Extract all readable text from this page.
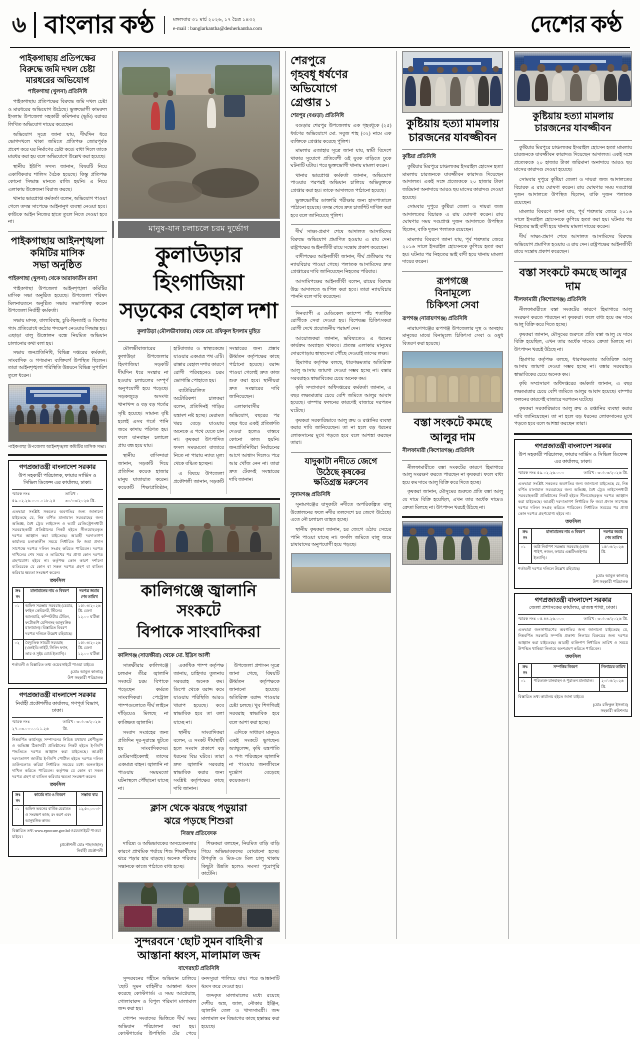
৬ বাংলার কণ্ঠ	মঙ্গলবার ৩১ মার্চ ২০২৬, ১৭ চৈত্র ১৪৩২
e-mail : banglarkantha@desherkantha.com	দেশের কণ্ঠ
পাইকগাছায় প্রতিপক্ষের বিরুদ্ধে জমি দখল চেষ্টা মারধরের অভিযোগ
পাইকগাছা (খুলনা) প্রতিনিধি

পাইকগাছায় প্রতিপক্ষের বিরুদ্ধে জমি দখল চেষ্টা ও মারধরের অভিযোগ উঠেছে। ভুক্তভোগী কামরুল ইসলাম উপজেলা সহকারী কমিশনার (ভূমি) বরাবর লিখিত অভিযোগ দায়ের করেছেন।

অভিযোগ সূত্রে জানা যায়, দীর্ঘদিন ধরে ভোগদখলে থাকা জমিতে প্রতিপক্ষ জোরপূর্বক প্রবেশ করে ঘর নির্মাণের চেষ্টা করে। বাধা দিলে তাকে মারধর করা হয় বলে অভিযোগে উল্লেখ করা হয়েছে।

স্থানীয় ইউপি সদস্য জানান, বিষয়টি নিয়ে একাধিকবার শালিস বৈঠক হয়েছে। কিন্তু প্রতিপক্ষ কোনো সিদ্ধান্ত মানতে রাজি হয়নি। এ নিয়ে এলাকায় উত্তেজনা বিরাজ করছে।

থানার ভারপ্রাপ্ত কর্মকর্তা বলেন, অভিযোগ পাওয়া গেলে তদন্ত সাপেক্ষে আইনানুগ ব্যবস্থা নেওয়া হবে। কাউকে আইন নিজের হাতে তুলে নিতে দেওয়া হবে না।

পাইকগাছায় আইনশৃঙ্খলা
কমিটির মাসিক
সভা অনুষ্ঠিত
পাইকগাছা (খুলনা) থেকে আরাফাতীন রানা

পাইকগাছা উপজেলা আইনশৃঙ্খলা কমিটির মাসিক সভা অনুষ্ঠিত হয়েছে। উপজেলা পরিষদ মিলনায়তনে অনুষ্ঠিত সভায় সভাপতিত্ব করেন উপজেলা নির্বাহী কর্মকর্তা।

সভায় মাদক, বাল্যবিবাহ, চুরি-ছিনতাই ও কিশোর গ্যাং প্রতিরোধে কঠোর পদক্ষেপ নেওয়ার সিদ্ধান্ত হয়। এছাড়া বালু উত্তোলন বন্ধে নিয়মিত অভিযান চালানোর কথা বলা হয়।

সভায় জনপ্রতিনিধি, বিভিন্ন দপ্তরের কর্মকর্তা, সাংবাদিক ও গণ্যমান্য ব্যক্তিবর্গ উপস্থিত ছিলেন। তারা আইনশৃঙ্খলা পরিস্থিতি উন্নয়নে বিভিন্ন সুপারিশ তুলে ধরেন।

পাইকগাছা উপজেলা আইনশৃঙ্খলা কমিটির মাসিক সভা।
গণপ্রজাতন্ত্রী বাংলাদেশ সরকার
উপ সহকারী পরিচালক, ফায়ার সার্ভিস ও সিভিল ডিফেন্স এর কার্যালয়, ঢাকা।
স্মারক নংঃ ৫৯.০২.২৬.০০০.০১৮.২৫
তারিখ : ৩০/০৩/২০২৬ খ্রি.
এতদ্বারা সংশ্লিষ্ট সকলের অবগতির জন্য জানানো যাইতেছে যে, নিম্ন বর্ণিত মালামাল সরবরাহের জন্য অভিজ্ঞ, বৈধ ট্রেড লাইসেন্স ও ভ্যাট রেজিস্ট্রেশনধারী সরবরাহকারী প্রতিষ্ঠানের নিকট হইতে সীলমোহরকৃত দরপত্র আহ্বান করা যাইতেছে। আগ্রহী দরদাতাগণ কার্যালয় চলাকালীন সময়ে নির্ধারিত ফি জমা প্রদান সাপেক্ষে দরপত্র দলিল সংগ্রহ করিতে পারিবেন। দরপত্র দাখিলের শেষ সময় ও তারিখের পর প্রাপ্ত কোন দরপত্র গ্রহণযোগ্য হইবে না। কর্তৃপক্ষ কোন কারণ দর্শানো ব্যতিরেকে যে কোন বা সকল দরপত্র গ্রহণ বা বাতিল করিবার ক্ষমতা সংরক্ষণ করেন।
তফসিল
ক্রঃ নং	মালামালের নাম ও বিবরণ	দরপত্র জমার শেষ তারিখ
০১	অফিস সরঞ্জাম সরবরাহ (চেয়ার, ফাইল কেবিনেট, স্টিলের আলমারি, কম্পিউটার টেবিল, ফটোকপি মেশিনসহ আনুষঙ্গিক মালামাল)। বিস্তারিত বিবরণ দরপত্র দলিলে উল্লেখ রহিয়াছে।	১৫/০৪/২০২৬ খ্রি. বেলা ১২.০০ ঘটিকা
০২	বৈদ্যুতিক সামগ্রী সরবরাহ (এলইডি লাইট, সিলিং ফ্যান, তার ও সুইচ বোর্ড ইত্যাদি)।	১৫/০৪/২০২৬ খ্রি. বেলা ১২.০০ ঘটিকা
শর্তাবলী ও বিস্তারিত তথ্য ওয়েবসাইটে পাওয়া যাইবে।
(মোঃ আবুল কালাম)
উপ সহকারী পরিচালক
গণপ্রজাতন্ত্রী বাংলাদেশ সরকার
নির্বাহী প্রকৌশলীর কার্যালয়, গণপূর্ত বিভাগ, ঢাকা।
স্মারক নংঃ ২৭.০৩.০০০.০১১.২৬
তারিখ : ৩০/০৩/২০২৬ খ্রি.
নিম্নবর্ণিত কার্যসমূহ সম্পাদনের নিমিত্ত যথাযথ শ্রেণীভুক্ত ও অভিজ্ঞ ঠিকাদারী প্রতিষ্ঠানের নিকট হইতে ই-জিপি পদ্ধতিতে দরপত্র আহ্বান করা যাইতেছে। আগ্রহী দরদাতাগণ জাতীয় ই-জিপি পোর্টাল হইতে দরপত্র দলিল ডাউনলোড করিয়া নির্ধারিত সময়ের মধ্যে অনলাইনে দাখিল করিতে পারিবেন। কর্তৃপক্ষ যে কোন বা সকল দরপত্র গ্রহণ বা বাতিল করিবার ক্ষমতা সংরক্ষণ করেন।
তফসিল
ক্রঃ নং	কার্যের নাম ও বিবরণ	সম্ভাব্য ব্যয়
০১	অফিস ভবনের বার্ষিক মেরামত ও সংরক্ষণ কাজ, রং করণ এবং আনুষঙ্গিক কাজ।	১২,৫০,০০০/-
বিস্তারিত তথ্য www.eprocure.gov.bd ওয়েবসাইটে পাওয়া যাইবে।
(প্রকৌশলী মোঃ শাহজাহান)
নির্বাহী প্রকৌশলী
মানুষ-যান চলাচলে চরম দুর্ভোগ
কুলাউড়ার হিংগাজিয়া
সড়কের বেহাল দশা
কুলাউড়া (মৌলভীবাজার) থেকে মো. রফিকুল ইসলাম মুহিত

মৌলভীবাজারের কুলাউড়া উপজেলার হিংগাজিয়া সড়কটি দীর্ঘদিন ধরে সংস্কার না হওয়ায় চলাচলের সম্পূর্ণ অনুপযোগী হয়ে পড়েছে। সড়কজুড়ে অসংখ্য খানাখন্দ ও বড় বড় গর্তের সৃষ্টি হয়েছে। সামান্য বৃষ্টি হলেই এসব গর্তে পানি জমে কাদায় পরিণত হয়। ফলে যানবাহন চলাচল প্রায় বন্ধ হয়ে যায়।

স্থানীয় বাসিন্দারা জানান, সড়কটি দিয়ে প্রতিদিন কয়েক হাজার মানুষ যাতায়াত করেন। কয়েকটি শিক্ষাপ্রতিষ্ঠান, হাটবাজার ও স্বাস্থ্যকেন্দ্রে যাওয়ার একমাত্র পথ এটি। রাস্তার বেহাল দশার কারণে রোগী পরিবহনেও চরম ভোগান্তি পোহাতে হয়।

ব্যাটারিচালিত অটোরিকশা চালকরা বলেন, প্রতিদিনই গাড়ির যন্ত্রাংশ নষ্ট হচ্ছে। মেরামত খরচ বেড়ে যাওয়ায় অনেকে এ পথে যেতে চান না। কৃষকরা উৎপাদিত ফসল সময়মতো বাজারে নিতে না পারায় ন্যায্য মূল্য থেকে বঞ্চিত হচ্ছেন।

এ বিষয়ে উপজেলা প্রকৌশলী জানান, সড়কটি সংস্কারের জন্য প্রস্তাব ঊর্ধ্বতন কর্তৃপক্ষের কাছে পাঠানো হয়েছে। বরাদ্দ পাওয়া গেলেই দ্রুত কাজ শুরু করা হবে। স্থানীয়রা দ্রুত সংস্কারের দাবি জানিয়েছেন।

এলাকাবাসীর অভিযোগ, বছরের পর বছর ধরে একই প্রতিশ্রুতি দেওয়া হলেও বাস্তবে কোনো কাজ হয়নি। জনপ্রতিনিধিরা নির্বাচনের আগে আশ্বাস দিলেও পরে আর খোঁজ নেন না। তারা দ্রুত টেকসই সংস্কারের দাবি জানান।

কালিগঞ্জে জ্বালানি সংকটে
বিপাকে সাংবাদিকরা
কালিগঞ্জ (সাতক্ষীরা) থেকে মো. ইদ্রিস আলী

সাতক্ষীরার কালিগঞ্জে চলমান তীব্র জ্বালানি সংকটে চরম বিপাকে পড়েছেন কর্মরত সাংবাদিকরা। পেট্রোল পাম্পগুলোতে দীর্ঘ লাইনে দাঁড়িয়েও মিলছে না কাঙ্ক্ষিত জ্বালানি।

সংবাদ সংগ্রহের জন্য প্রতিদিন দূর-দূরান্তে ছুটতে হয় সাংবাদিকদের। মোটরসাইকেলই তাদের একমাত্র বাহন। জ্বালানি না পাওয়ায় সময়মতো ঘটনাস্থলে পৌঁছানো যাচ্ছে না।

একাধিক পাম্প কর্তৃপক্ষ জানায়, চাহিদার তুলনায় সরবরাহ অনেক কম। ডিপো থেকে বরাদ্দ কমে যাওয়ায় পরিস্থিতি আরও খারাপ হয়েছে। কবে স্বাভাবিক হবে তা বলা যাচ্ছে না।

স্থানীয় সাংবাদিকরা বলেন, এ সংকট দীর্ঘস্থায়ী হলে সংবাদ প্রকাশে বড় ধরনের বিঘ্ন ঘটবে। তারা দ্রুত জ্বালানি সরবরাহ স্বাভাবিক করার জন্য সংশ্লিষ্ট কর্তৃপক্ষের কাছে দাবি জানান।

উপজেলা প্রশাসন সূত্রে জানা গেছে, বিষয়টি ঊর্ধ্বতন কর্তৃপক্ষকে জানানো হয়েছে। অতিরিক্ত বরাদ্দ পাওয়ার চেষ্টা চলছে। খুব শিগগিরই সরবরাহ স্বাভাবিক হবে বলে আশা করা হচ্ছে।

এদিকে সাধারণ মানুষও একই সংকটে ভুগছেন। অ্যাম্বুলেন্স, কৃষি যন্ত্রপাতি ও পণ্য পরিবহনে জ্বালানি না পাওয়ায় জনজীবনে দুর্ভোগ বেড়েছে কয়েকগুণ।

ক্লাস থেকে ঝরছে পড়ুয়ারা
ঝরে পড়ছে শিশুরা
নিজস্ব প্রতিবেদক

দারিদ্র্য ও অভিভাবকের অসচেতনতার কারণে প্রাথমিক পর্যায়ে শিশু শিক্ষার্থীদের ঝরে পড়ার হার বাড়ছে। অনেক পরিবার সন্তানকে কাজে পাঠাতে বাধ্য হচ্ছে।

শিক্ষকরা বলছেন, নিয়মিত বাড়ি বাড়ি গিয়ে অভিভাবকদের বোঝানো হচ্ছে। উপবৃত্তি ও মিড-ডে মিল চালু থাকায় কিছুটা উন্নতি হলেও সমস্যা পুরোপুরি কাটেনি।

সুন্দরবনে 'ছোট সুমন বাহিনী'র
আস্তানা ধ্বংস, মালামাল জব্দ
বাগেরহাট প্রতিনিধি

সুন্দরবনের গহীনে অভিযান চালিয়ে 'ছোট সুমন বাহিনী'র আস্তানা ধ্বংস করেছে কোস্টগার্ড। এ সময় আগ্নেয়াস্ত্র, গোলাবারুদ ও বিপুল পরিমাণ মালামাল জব্দ করা হয়।

গোপন সংবাদের ভিত্তিতে দীর্ঘ সময় অভিযান পরিচালনা করা হয়। কোস্টগার্ডের উপস্থিতি টের পেয়ে বনদস্যুরা পালিয়ে যায়। পরে আস্তানাটি ধ্বংস করে দেওয়া হয়।

জব্দকৃত মালামালের মধ্যে রয়েছে দেশীয় অস্ত্র, জাল, নৌকার ইঞ্জিন, জ্বালানি তেল ও খাদ্যসামগ্রী। জব্দ মালামাল বন বিভাগের কাছে হস্তান্তর করা হয়েছে।

শেরপুরে
গৃহবধূ ধর্ষণের
অভিযোগে
গ্রেপ্তার ১
শেরপুর (বগুড়া) প্রতিনিধি

বগুড়ার শেরপুর উপজেলায় এক গৃহবধূকে (২৫) ধর্ষণের অভিযোগে মো. সবুজ শাহ (৩২) নামে এক ব্যক্তিকে গ্রেপ্তার করেছে পুলিশ।

মামলার এজাহার সূত্রে জানা যায়, স্বামী বিদেশে থাকার সুযোগে প্রতিবেশী ওই যুবক বাড়িতে ঢুকে ঘটনাটি ঘটায়। পরে ভুক্তভোগী থানায় মামলা করেন।

থানার ভারপ্রাপ্ত কর্মকর্তা জানান, অভিযোগ পাওয়ার পরপরই অভিযান চালিয়ে অভিযুক্তকে গ্রেপ্তার করা হয়। তাকে আদালতে পাঠানো হয়েছে।

ভুক্তভোগীর ডাক্তারি পরীক্ষার জন্য হাসপাতালে পাঠানো হয়েছে। তদন্ত শেষে দ্রুত চার্জশিট দাখিল করা হবে বলে জানিয়েছে পুলিশ।

দীর্ঘ সাক্ষ্য-প্রমাণ শেষে আদালত আসামিদের বিরুদ্ধে অভিযোগ প্রমাণিত হওয়ায় এ রায় দেন। রাষ্ট্রপক্ষের আইনজীবী রায়ে সন্তোষ প্রকাশ করেছেন।

বাদীপক্ষের আইনজীবী জানান, দীর্ঘ প্রতীক্ষার পর ন্যায়বিচার পাওয়া গেছে। পলাতক আসামিদের দ্রুত গ্রেপ্তারের দাবি জানিয়েছেন নিহতের পরিবার।

আসামিপক্ষের আইনজীবী বলেন, রায়ের বিরুদ্ধে উচ্চ আদালতে আপিল করা হবে। তারা ন্যায়বিচার পাননি বলে দাবি করেছেন।

দিনব্যাপী এ মেডিকেল ক্যাম্পে পাঁচ শতাধিক রোগীকে সেবা দেওয়া হয়। বিশেষজ্ঞ চিকিৎসকরা রোগী দেখে প্রয়োজনীয় পরামর্শ দেন।

আয়োজকরা জানান, ভবিষ্যতেও এ ধরনের কার্যক্রম অব্যাহত থাকবে। প্রত্যন্ত এলাকার মানুষের দোরগোড়ায় স্বাস্থ্যসেবা পৌঁছে দেওয়াই তাদের লক্ষ্য।

হিমাগার কর্তৃপক্ষ বলছে, ধারণক্ষমতার অতিরিক্ত আলু আসায় জায়গা দেওয়া সম্ভব হচ্ছে না। বস্তার সরবরাহও স্বাভাবিকের চেয়ে অনেক কম।

কৃষি সম্প্রসারণ অধিদপ্তরের কর্মকর্তা জানান, এ বছর লক্ষ্যমাত্রার চেয়ে বেশি জমিতে আলুর আবাদ হয়েছে। বাম্পার ফলনের কারণেই বাজারে দরপতন ঘটেছে।

কৃষকরা সরকারিভাবে আলু ক্রয় ও রপ্তানির ব্যবস্থা করার দাবি জানিয়েছেন। তা না হলে বড় ধরনের লোকসানের মুখে পড়তে হবে বলে আশঙ্কা করছেন তারা।

যাদুকাটা নদীতে জেগে
উঠেছে কৃষকের
ক্ষতিগ্রস্ত মরুসেব
সুনামগঞ্জ প্রতিনিধি

সুনামগঞ্জের যাদুকাটা নদীতে অপরিকল্পিত বালু উত্তোলনের ফলে নদীর তলদেশে চর জেগে উঠেছে। এতে নৌ চলাচল ব্যাহত হচ্ছে।

স্থানীয় কৃষকরা জানান, চর জেগে ওঠায় সেচের পানি পাওয়া যাচ্ছে না। ফসলি জমিতে বালু জমে চাষাবাদের অনুপযোগী হয়ে পড়ছে।

কুষ্টিয়ায় হত্যা মামলায়
চারজনের যাবজ্জীবন
কুষ্টিয়া প্রতিনিধি

কুষ্টিয়ার মিরপুরে চাঞ্চল্যকর ইসরাইল হোসেন হত্যা মামলায় চারজনকে যাবজ্জীবন কারাদণ্ড দিয়েছেন আদালত। একই সঙ্গে প্রত্যেককে ২০ হাজার টাকা জরিমানা অনাদায়ে আরও ছয় মাসের কারাদণ্ড দেওয়া হয়েছে।

সোমবার দুপুরে কুষ্টিয়া জেলা ও দায়রা জজ আদালতের বিচারক এ রায় ঘোষণা করেন। রায় ঘোষণার সময় দণ্ডপ্রাপ্ত দুজন আদালতে উপস্থিত ছিলেন, বাকি দুজন পলাতক রয়েছেন।

মামলার বিবরণে জানা যায়, পূর্ব শত্রুতার জেরে ২০১৬ সালে ইসরাইল হোসেনকে কুপিয়ে হত্যা করা হয়। ঘটনার পর নিহতের ভাই বাদী হয়ে থানায় মামলা দায়ের করেন।

রূপগঞ্জে
বিনামূল্যে
চিকিৎসা সেবা
রূপগঞ্জ (নারায়ণগঞ্জ) প্রতিনিধি

নারায়ণগঞ্জের রূপগঞ্জ উপজেলার দুস্থ ও অসহায় মানুষের মাঝে বিনামূল্যে চিকিৎসা সেবা ও ওষুধ বিতরণ করা হয়েছে।

বস্তা সংকটে কমছে আলুর দাম
নীলফামারী (কিশোরগঞ্জ) প্রতিনিধি

নীলফামারীতে বস্তা সংকটের কারণে হিমাগারে আলু সংরক্ষণ করতে পারছেন না কৃষকরা। ফলে বাধ্য হয়ে কম দামে আলু বিক্রি করে দিতে হচ্ছে।

কৃষকরা জানান, মৌসুমের শুরুতে প্রতি বস্তা আলু যে দামে বিক্রি হয়েছিল, এখন তার অর্ধেক দামেও ক্রেতা মিলছে না। উৎপাদন খরচই উঠছে না।

কুষ্টিয়ায় হত্যা মামলায়
চারজনের যাবজ্জীবন

কুষ্টিয়ার মিরপুরে চাঞ্চল্যকর ইসরাইল হোসেন হত্যা মামলায় চারজনকে যাবজ্জীবন কারাদণ্ড দিয়েছেন আদালত। একই সঙ্গে প্রত্যেককে ২০ হাজার টাকা জরিমানা অনাদায়ে আরও ছয় মাসের কারাদণ্ড দেওয়া হয়েছে।

সোমবার দুপুরে কুষ্টিয়া জেলা ও দায়রা জজ আদালতের বিচারক এ রায় ঘোষণা করেন। রায় ঘোষণার সময় দণ্ডপ্রাপ্ত দুজন আদালতে উপস্থিত ছিলেন, বাকি দুজন পলাতক রয়েছেন।

মামলার বিবরণে জানা যায়, পূর্ব শত্রুতার জেরে ২০১৬ সালে ইসরাইল হোসেনকে কুপিয়ে হত্যা করা হয়। ঘটনার পর নিহতের ভাই বাদী হয়ে থানায় মামলা দায়ের করেন।

দীর্ঘ সাক্ষ্য-প্রমাণ শেষে আদালত আসামিদের বিরুদ্ধে অভিযোগ প্রমাণিত হওয়ায় এ রায় দেন। রাষ্ট্রপক্ষের আইনজীবী রায়ে সন্তোষ প্রকাশ করেছেন।

বস্তা সংকটে কমছে আলুর দাম
নীলফামারী (কিশোরগঞ্জ) প্রতিনিধি

নীলফামারীতে বস্তা সংকটের কারণে হিমাগারে আলু সংরক্ষণ করতে পারছেন না কৃষকরা। ফলে বাধ্য হয়ে কম দামে আলু বিক্রি করে দিতে হচ্ছে।

কৃষকরা জানান, মৌসুমের শুরুতে প্রতি বস্তা আলু যে দামে বিক্রি হয়েছিল, এখন তার অর্ধেক দামেও ক্রেতা মিলছে না। উৎপাদন খরচই উঠছে না।

হিমাগার কর্তৃপক্ষ বলছে, ধারণক্ষমতার অতিরিক্ত আলু আসায় জায়গা দেওয়া সম্ভব হচ্ছে না। বস্তার সরবরাহও স্বাভাবিকের চেয়ে অনেক কম।

কৃষি সম্প্রসারণ অধিদপ্তরের কর্মকর্তা জানান, এ বছর লক্ষ্যমাত্রার চেয়ে বেশি জমিতে আলুর আবাদ হয়েছে। বাম্পার ফলনের কারণেই বাজারে দরপতন ঘটেছে।

কৃষকরা সরকারিভাবে আলু ক্রয় ও রপ্তানির ব্যবস্থা করার দাবি জানিয়েছেন। তা না হলে বড় ধরনের লোকসানের মুখে পড়তে হবে বলে আশঙ্কা করছেন তারা।

গণপ্রজাতন্ত্রী বাংলাদেশ সরকার
উপ সহকারী পরিচালক, ফায়ার সার্ভিস ও সিভিল ডিফেন্স এর কার্যালয়, ঢাকা।
স্মারক নংঃ ৫৯.০২.২৬.০০০	তারিখ : ৩০/০৩/২০২৬ খ্রি.
এতদ্বারা সংশ্লিষ্ট সকলের অবগতির জন্য জানানো যাইতেছে যে, নিম্ন বর্ণিত মালামাল সরবরাহের জন্য অভিজ্ঞ, বৈধ ট্রেড লাইসেন্সধারী সরবরাহকারী প্রতিষ্ঠানের নিকট হইতে সীলমোহরকৃত দরপত্র আহ্বান করা যাইতেছে। আগ্রহী দরদাতাগণ নির্ধারিত ফি জমা প্রদান সাপেক্ষে দরপত্র দলিল সংগ্রহ করিতে পারিবেন। নির্ধারিত সময়ের পর প্রাপ্ত কোন দরপত্র গ্রহণযোগ্য হইবে না।
তফসিল
ক্রঃ নং	মালামালের নাম ও বিবরণ	দরপত্র জমার শেষ তারিখ
০১	অগ্নি নির্বাপণ সরঞ্জাম সরবরাহ (হোজ পাইপ, নজল, ফায়ার এক্সটিংগুইশার ইত্যাদি)।	১৫/০৪/২০২৬ খ্রি.
শর্তাবলী দরপত্র দলিলে উল্লেখ রহিয়াছে।
(মোঃ আবুল কালাম)
উপ সহকারী পরিচালক
গণপ্রজাতন্ত্রী বাংলাদেশ সরকার
জেলা প্রশাসকের কার্যালয়, রাজস্ব শাখা, ঢাকা।
স্মারক নংঃ ০৫.৪৪.২৬.০০০	তারিখ : ৩০/০৩/২০২৬ খ্রি.
এতদ্বারা জনসাধারণের অবগতির জন্য জানানো যাইতেছে যে, নিম্নবর্ণিত সরকারি সম্পত্তি প্রকাশ্য নিলামে বিক্রয়ের জন্য দরপত্র আহ্বান করা যাইতেছে। আগ্রহী ব্যক্তিগণ নির্ধারিত তারিখ ও সময়ে উপস্থিত থাকিয়া নিলামে অংশগ্রহণ করিতে পারিবেন।
তফসিল
ক্রঃ নং	সম্পত্তির বিবরণ	নিলামের তারিখ
০১	পরিত্যক্ত যানবাহন ও পুরাতন মালামাল।	২০/০৪/২০২৬ খ্রি.
বিস্তারিত তথ্য কার্যালয় হইতে জানা যাইবে।
(মোঃ রফিকুল ইসলাম)
সহকারী কমিশনার
